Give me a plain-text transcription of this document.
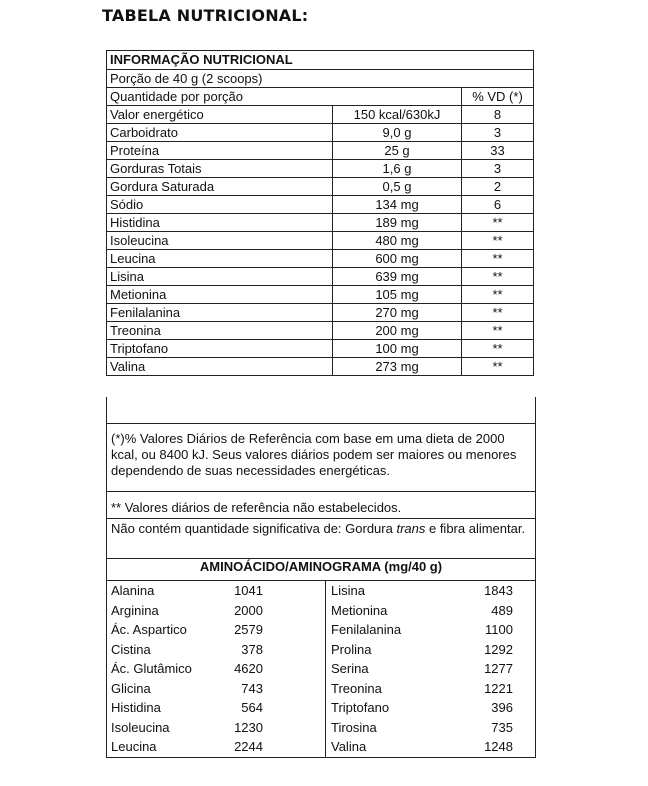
TABELA NUTRICIONAL:
INFORMAÇÃO NUTRICIONAL		
Porção de 40 g (2 scoops)		
Quantidade por porção		% VD (*)
Valor energético	150 kcal/630kJ	8
Carboidrato	9,0 g	3
Proteína	25 g	33
Gorduras Totais	1,6 g	3
Gordura Saturada	0,5 g	2
Sódio	134 mg	6
Histidina	189 mg	**
Isoleucina	480 mg	**
Leucina	600 mg	**
Lisina	639 mg	**
Metionina	105 mg	**
Fenilalanina	270 mg	**
Treonina	200 mg	**
Triptofano	100 mg	**
Valina	273 mg	**
(*)% Valores Diários de Referência com base em uma dieta de 2000 kcal, ou 8400 kJ. Seus valores diários podem ser maiores ou menores dependendo de suas necessidades energéticas.
** Valores diários de referência não estabelecidos.
Não contém quantidade significativa de: Gordura trans e fibra alimentar.
AMINOÁCIDO/AMINOGRAMA (mg/40 g)
Alanina	1041
Arginina	2000
Ác. Aspartico	2579
Cistina	378
Ác. Glutâmico	4620
Glicina	743
Histidina	564
Isoleucina	1230
Leucina	2244
Lisina	1843
Metionina	489
Fenilalanina	1100
Prolina	1292
Serina	1277
Treonina	1221
Triptofano	396
Tirosina	735
Valina	1248
